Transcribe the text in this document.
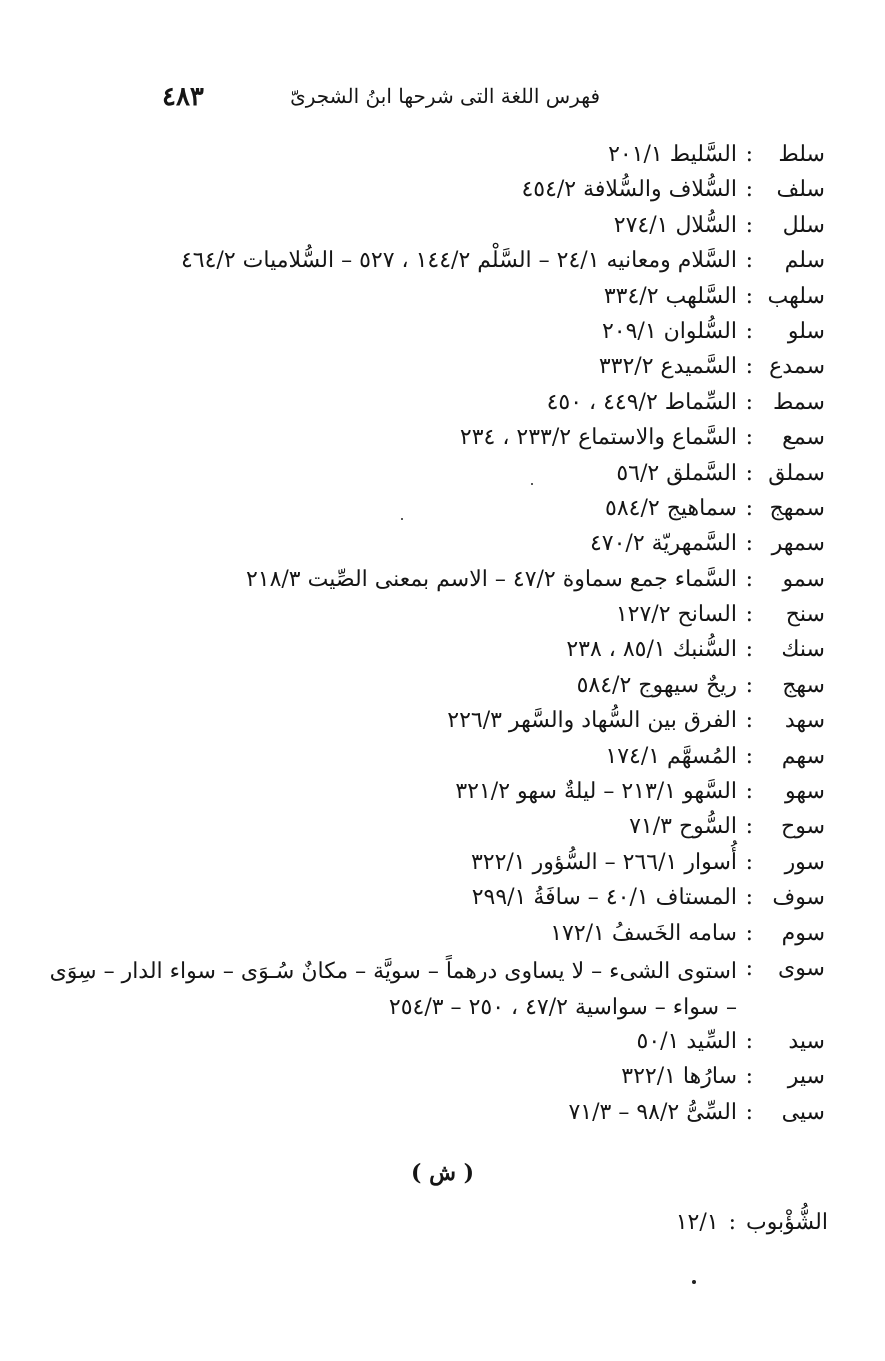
٤٨٣	فهرس اللغة التى شرحها ابنُ الشجرىّ
سلط
:
السَّليط ٢٠١/١
سلف
:
السُّلاف والسُّلافة ٤٥٤/٢
سلل
:
السُّلال ٢٧٤/١
سلم
:
السَّلام ومعانيه ٢٤/١ – السَّلْم ١٤٤/٢ ، ٥٢٧ – السُّلاميات ٤٦٤/٢
سلهب
:
السَّلهب ٣٣٤/٢
سلو
:
السُّلوان ٢٠٩/١
سمدع
:
السَّميدع ٣٣٢/٢
سمط
:
السِّماط ٤٤٩/٢ ، ٤٥٠
سمع
:
السَّماع والاستماع ٢٣٣/٢ ، ٢٣٤
سملق
:
السَّملق ٥٦/٢
سمهج
:
سماهيج ٥٨٤/٢
سمهر
:
السَّمهريّة ٤٧٠/٢
سمو
:
السَّماء جمع سماوة ٤٧/٢ – الاسم بمعنى الصِّيت ٢١٨/٣
سنح
:
السانح ١٢٧/٢
سنك
:
السُّنبك ٨٥/١ ، ٢٣٨
سهج
:
ريحٌ سيهوج ٥٨٤/٢
سهد
:
الفرق بين السُّهاد والسَّهر ٢٢٦/٣
سهم
:
المُسهَّم ١٧٤/١
سهو
:
السَّهو ٢١٣/١ – ليلةٌ سهو ٣٢١/٢
سوح
:
السُّوح ٧١/٣
سور
:
أُسوار ٢٦٦/١ – السُّؤور ٣٢٢/١
سوف
:
المستاف ٤٠/١ – سافَةُ ٢٩٩/١
سوم
:
سامه الخَسفُ ١٧٢/١
سوى
:
استوى الشىء – لا يساوى درهماً – سويَّة – مكانٌ سُـوَى – سواء الدار – سِوَى – سواء – سواسية ٤٧/٢ ، ٢٥٠ – ٢٥٤/٣
سيد
:
السِّيد ٥٠/١
سير
:
سارُها ٣٢٢/١
سيى
:
السِّىُّ ٩٨/٢ – ٧١/٣
( ش )
الشُّؤْبوب:١٢/١
